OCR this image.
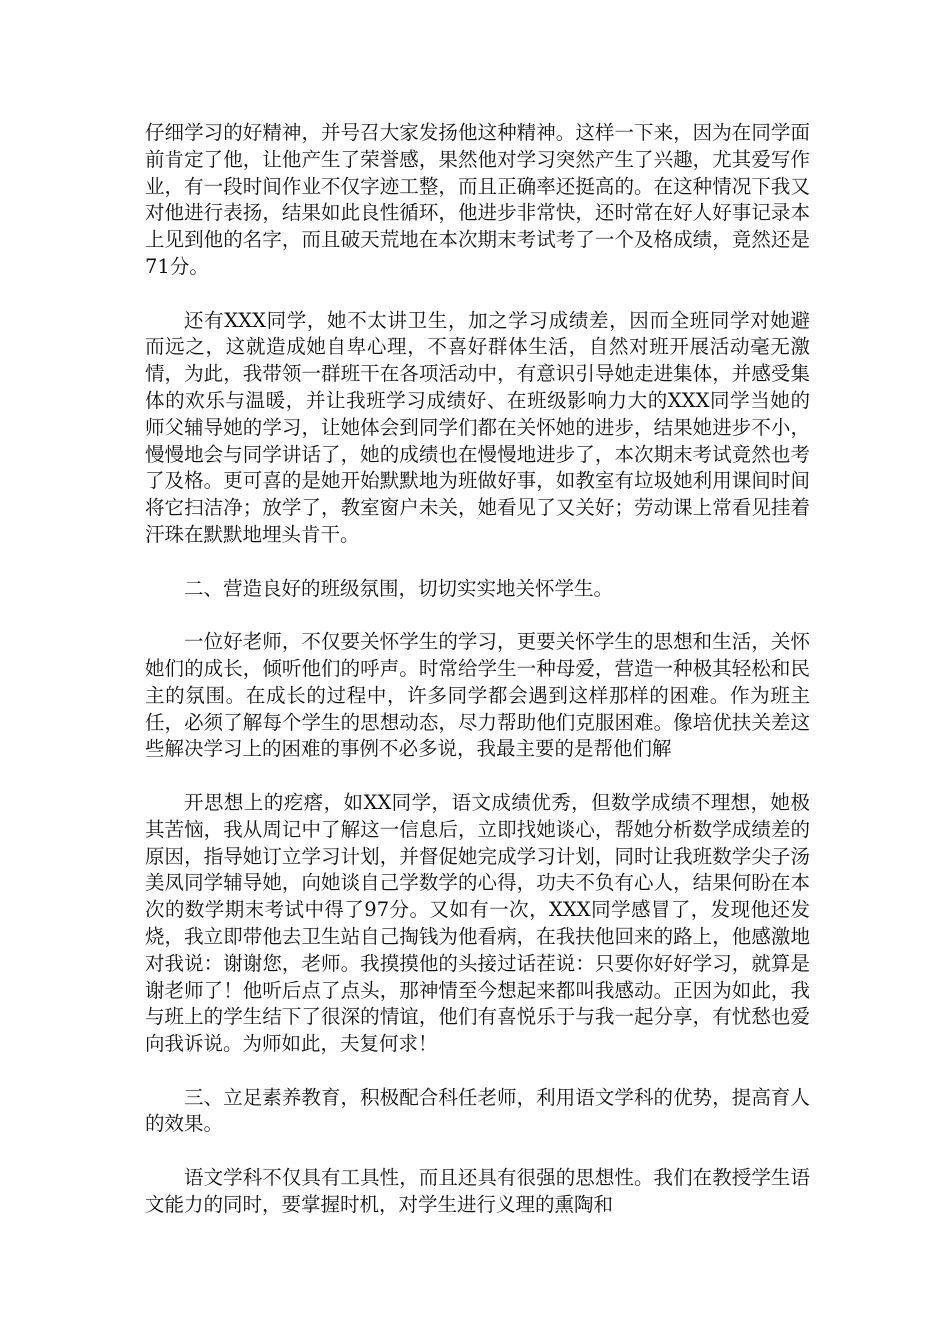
仔细学习的好精神，并号召大家发扬他这种精神。这样一下来，因为在同学面前肯定了他，让他产生了荣誉感，果然他对学习突然产生了兴趣，尤其爱写作业，有一段时间作业不仅字迹工整，而且正确率还挺高的。在这种情况下我又对他进行表扬，结果如此良性循环，他进步非常快，还时常在好人好事记录本上见到他的名字，而且破天荒地在本次期末考试考了一个及格成绩，竟然还是71分。

还有XXX同学，她不太讲卫生，加之学习成绩差，因而全班同学对她避而远之，这就造成她自卑心理，不喜好群体生活，自然对班开展活动毫无激情，为此，我带领一群班干在各项活动中，有意识引导她走进集体，并感受集体的欢乐与温暖，并让我班学习成绩好、在班级影响力大的XXX同学当她的师父辅导她的学习，让她体会到同学们都在关怀她的进步，结果她进步不小，慢慢地会与同学讲话了，她的成绩也在慢慢地进步了，本次期末考试竟然也考了及格。更可喜的是她开始默默地为班做好事，如教室有垃圾她利用课间时间将它扫洁净；放学了，教室窗户未关，她看见了又关好；劳动课上常看见挂着汗珠在默默地埋头肯干。

二、营造良好的班级氛围，切切实实地关怀学生。

一位好老师，不仅要关怀学生的学习，更要关怀学生的思想和生活，关怀她们的成长，倾听他们的呼声。时常给学生一种母爱，营造一种极其轻松和民主的氛围。在成长的过程中，许多同学都会遇到这样那样的困难。作为班主任，必须了解每个学生的思想动态，尽力帮助他们克服困难。像培优扶关差这些解决学习上的困难的事例不必多说，我最主要的是帮他们解

开思想上的疙瘩，如XX同学，语文成绩优秀，但数学成绩不理想，她极其苦恼，我从周记中了解这一信息后，立即找她谈心，帮她分析数学成绩差的原因，指导她订立学习计划，并督促她完成学习计划，同时让我班数学尖子汤美凤同学辅导她，向她谈自己学数学的心得，功夫不负有心人，结果何盼在本次的数学期末考试中得了97分。又如有一次，XXX同学感冒了，发现他还发烧，我立即带他去卫生站自己掏钱为他看病，在我扶他回来的路上，他感激地对我说：谢谢您，老师。我摸摸他的头接过话茬说：只要你好好学习，就算是谢老师了！他听后点了点头，那神情至今想起来都叫我感动。正因为如此，我与班上的学生结下了很深的情谊，他们有喜悦乐于与我一起分享，有忧愁也爱向我诉说。为师如此，夫复何求！

三、立足素养教育，积极配合科任老师，利用语文学科的优势，提高育人的效果。

语文学科不仅具有工具性，而且还具有很强的思想性。我们在教授学生语文能力的同时，要掌握时机，对学生进行义理的熏陶和
